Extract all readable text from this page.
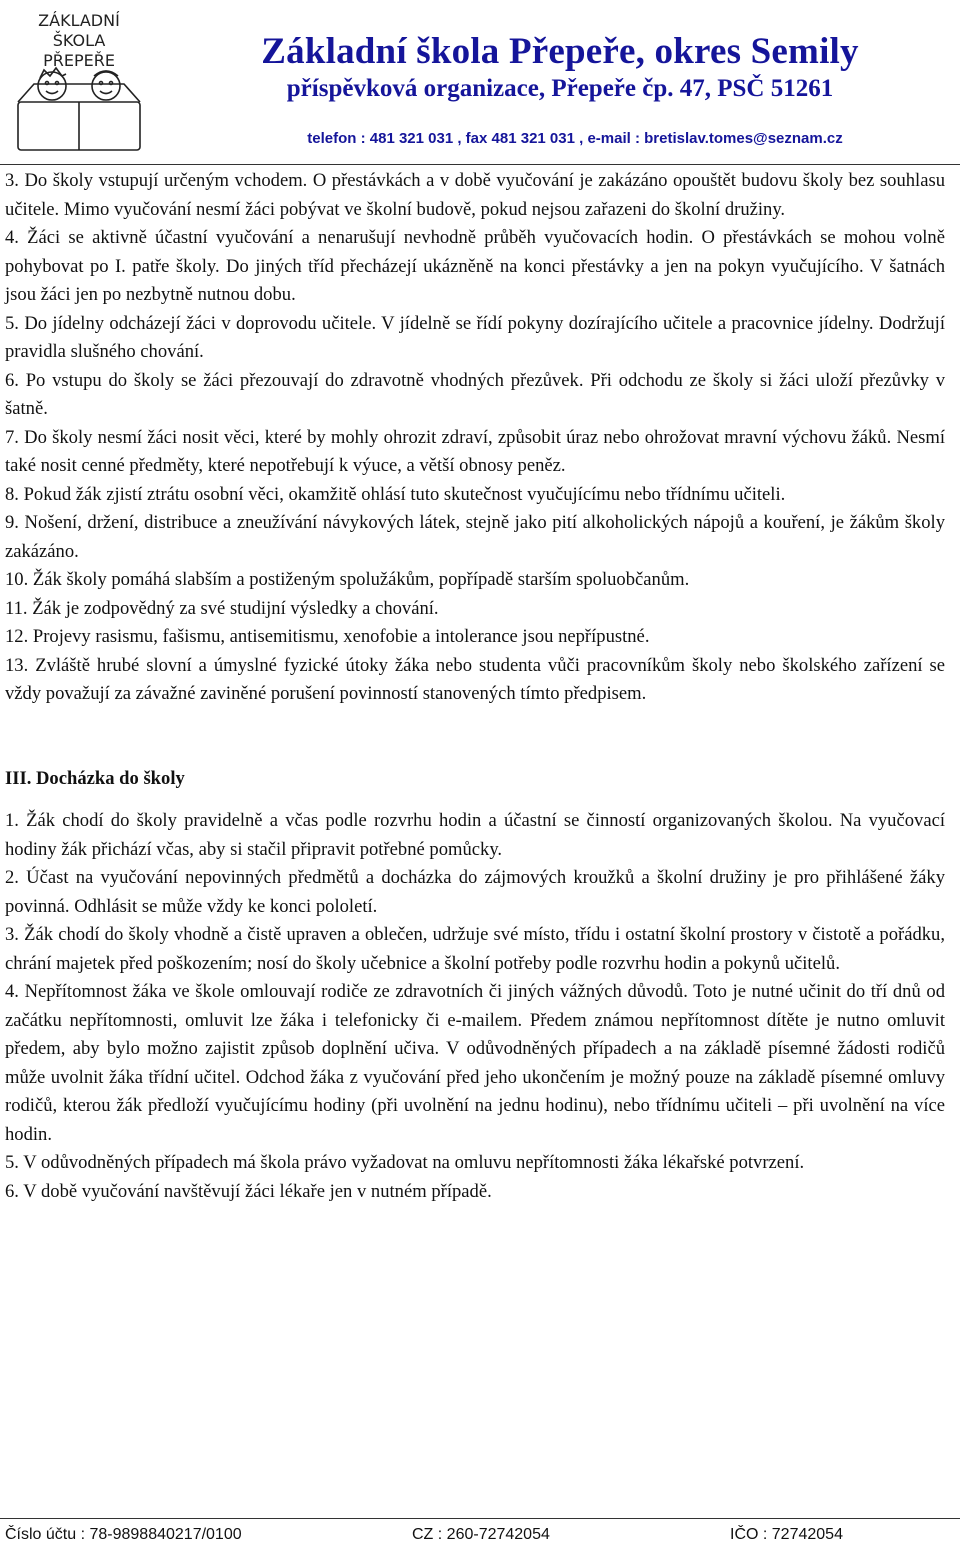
ZÁKLADNÍ
ŠKOLA
PŘEPEŘE	Základní škola Přepeře, okres Semily
příspěvková organizace, Přepeře čp. 47, PSČ 51261
telefon : 481 321 031 , fax 481 321 031 , e-mail : bretislav.tomes@seznam.cz

3. Do školy vstupují určeným vchodem. O přestávkách a v době vyučování je zakázáno opouštět budovu školy bez souhlasu učitele. Mimo vyučování nesmí žáci pobývat ve školní budově, pokud nejsou zařazeni do školní družiny.

4. Žáci se aktivně účastní vyučování a nenarušují nevhodně průběh vyučovacích hodin. O přestávkách se mohou volně pohybovat po I. patře školy. Do jiných tříd přecházejí ukázněně na konci přestávky a jen na pokyn vyučujícího. V šatnách jsou žáci jen po nezbytně nutnou dobu.

5. Do jídelny odcházejí žáci v doprovodu učitele. V jídelně se řídí pokyny dozírajícího učitele a pracovnice jídelny. Dodržují pravidla slušného chování.

6. Po vstupu do školy se žáci přezouvají do zdravotně vhodných přezůvek. Při odchodu ze školy si žáci uloží přezůvky v šatně.

7. Do školy nesmí žáci nosit věci, které by mohly ohrozit zdraví, způsobit úraz nebo ohrožovat mravní výchovu žáků. Nesmí také nosit cenné předměty, které nepotřebují k výuce, a větší obnosy peněz.

8. Pokud žák zjistí ztrátu osobní věci, okamžitě ohlásí tuto skutečnost vyučujícímu nebo třídnímu učiteli.

9. Nošení, držení, distribuce a zneužívání návykových látek, stejně jako pití alkoholických nápojů a kouření, je žákům školy zakázáno.

10. Žák školy pomáhá slabším a postiženým spolužákům, popřípadě starším spoluobčanům.

11. Žák je zodpovědný za své studijní výsledky a chování.

12. Projevy rasismu, fašismu, antisemitismu, xenofobie a intolerance jsou nepřípustné.

13. Zvláště hrubé slovní a úmyslné fyzické útoky žáka nebo studenta vůči pracovníkům školy nebo školského zařízení se vždy považují za závažné zaviněné porušení povinností stanovených tímto předpisem.

III. Docházka do školy

1. Žák chodí do školy pravidelně a včas podle rozvrhu hodin a účastní se činností organizovaných školou. Na vyučovací hodiny žák přichází včas, aby si stačil připravit potřebné pomůcky.

2. Účast na vyučování nepovinných předmětů a docházka do zájmových kroužků a školní družiny je pro přihlášené žáky povinná. Odhlásit se může vždy ke konci pololetí.

3. Žák chodí do školy vhodně a čistě upraven a oblečen, udržuje své místo, třídu i ostatní školní prostory v čistotě a pořádku, chrání majetek před poškozením; nosí do školy učebnice a školní potřeby podle rozvrhu hodin a pokynů učitelů.

4. Nepřítomnost žáka ve škole omlouvají rodiče ze zdravotních či jiných vážných důvodů. Toto je nutné učinit do tří dnů od začátku nepřítomnosti, omluvit lze žáka i telefonicky či e-mailem. Předem známou nepřítomnost dítěte je nutno omluvit předem, aby bylo možno zajistit způsob doplnění učiva. V odůvodněných případech a na základě písemné žádosti rodičů může uvolnit žáka třídní učitel. Odchod žáka z vyučování před jeho ukončením je možný pouze na základě písemné omluvy rodičů, kterou žák předloží vyučujícímu hodiny (při uvolnění na jednu hodinu), nebo třídnímu učiteli – při uvolnění na více hodin.

5. V odůvodněných případech má škola právo vyžadovat na omluvu nepřítomnosti žáka lékařské potvrzení.

6. V době vyučování navštěvují žáci lékaře jen v nutném případě.

Číslo účtu : 78-9898840217/0100	CZ : 260-72742054	IČO : 72742054
